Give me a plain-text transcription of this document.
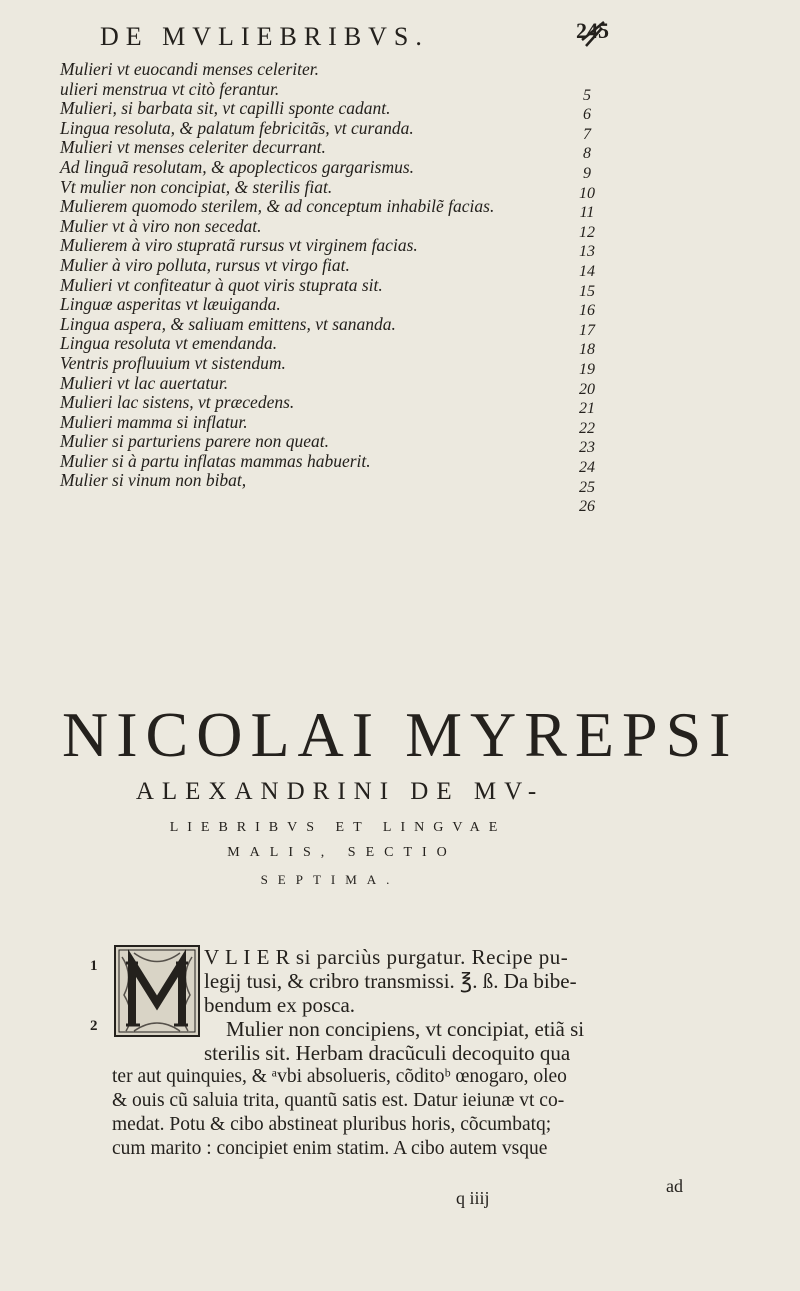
DE MVLIEBRIBVS.	245
Mulieri vt euocandi menses celeriter.
ulieri menstrua vt citò ferantur.
Mulieri, si barbata sit, vt capilli sponte cadant.
Lingua resoluta, & palatum febricitãs, vt curanda.
Mulieri vt menses celeriter decurrant.
Ad linguã resolutam, & apoplecticos gargarismus.
Vt mulier non concipiat, & sterilis fiat.
Mulierem quomodo sterilem, & ad conceptum inhabilẽ facias.
Mulier vt à viro non secedat.
Mulierem à viro stupratã rursus vt virginem facias.
Mulier à viro polluta, rursus vt virgo fiat.
Mulieri vt confiteatur à quot viris stuprata sit.
Linguæ asperitas vt læuiganda.
Lingua aspera, & saliuam emittens, vt sananda.
Lingua resoluta vt emendanda.
Ventris profluuium vt sistendum.
Mulieri vt lac auertatur.
Mulieri lac sistens, vt præcedens.
Mulieri mamma si inflatur.
Mulier si parturiens parere non queat.
Mulier si à partu inflatas mammas habuerit.
Mulier si vinum non bibat,
5
6
7
8
9
10
11
12
13
14
15
16
17
18
19
20
21
22
23
24
25
26
NICOLAI MYREPSI
ALEXANDRINI DE MV-
LIEBRIBVS ET LINGVAE
MALIS, SECTIO
SEPTIMA.
1
2
V L I E R si parciùs purgatur. Recipe pu-
legij tusi, & cribro transmissi. ℥. ß. Da bibe-
bendum ex posca.
Mulier non concipiens, vt concipiat, etiã si
sterilis sit. Herbam dracũculi decoquito qua
ter aut quinquies, & ᵃvbi absolueris, cõditoᵇ œnogaro, oleo
& ouis cũ saluia trita, quantũ satis est. Datur ieiunæ vt co-
medat. Potu & cibo abstineat pluribus horis, cõcumbatq;
cum marito : concipiet enim statim. A cibo autem vsque
q iiij
ad
